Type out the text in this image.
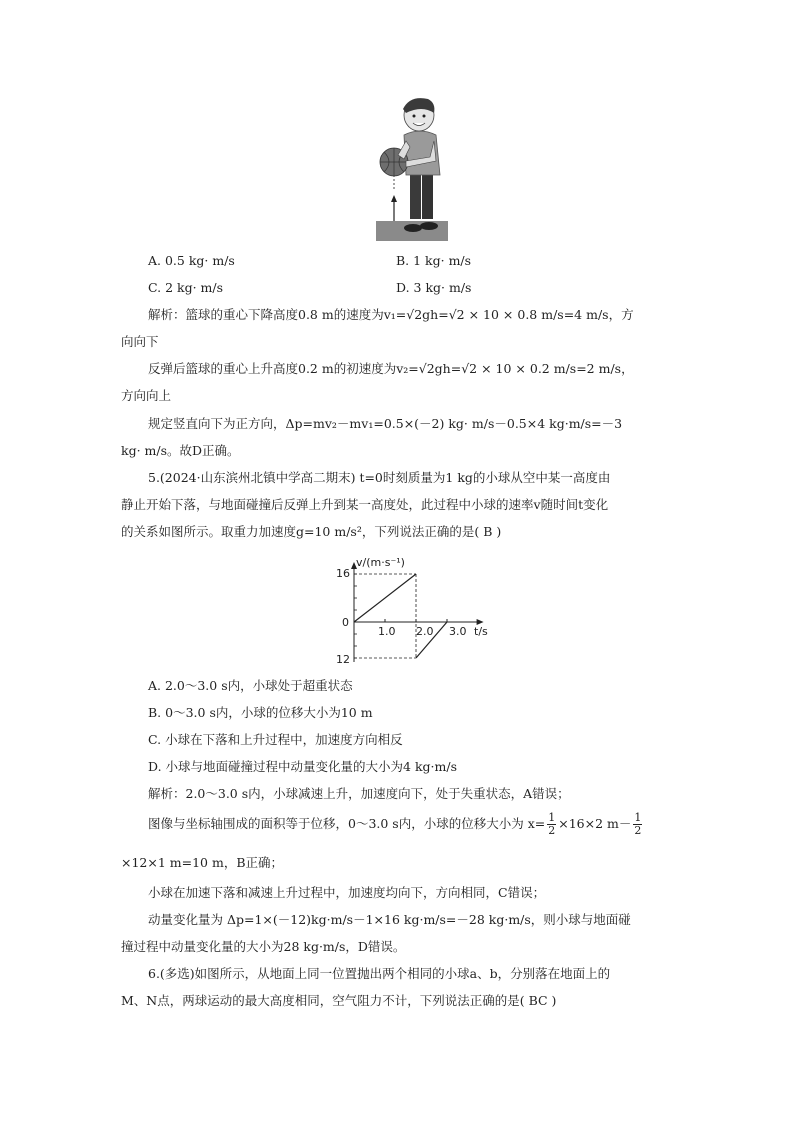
A. 0.5 kg· m/s	B. 1 kg· m/s
C. 2 kg· m/s	D. 3 kg· m/s
解析：篮球的重心下降高度0.8 m的速度为v₁=√2gh=√2 × 10 × 0.8 m/s=4 m/s，方
向向下
反弹后篮球的重心上升高度0.2 m的初速度为v₂=√2gh=√2 × 10 × 0.2 m/s=2 m/s，
方向向上
规定竖直向下为正方向，Δp=mv₂－mv₁=0.5×(－2) kg· m/s－0.5×4 kg·m/s=－3
kg· m/s。故D正确。
5.(2024·山东滨州北镇中学高二期末) t=0时刻质量为1 kg的小球从空中某一高度由
静止开始下落，与地面碰撞后反弹上升到某一高度处，此过程中小球的速率v随时间t变化
的关系如图所示。取重力加速度g=10 m/s²，下列说法正确的是( B )
v/(m·s⁻¹)
t/s
16
0
12
1.0 2.0 3.0
A. 2.0～3.0 s内，小球处于超重状态
B. 0～3.0 s内，小球的位移大小为10 m
C. 小球在下落和上升过程中，加速度方向相反
D. 小球与地面碰撞过程中动量变化量的大小为4 kg·m/s
解析：2.0～3.0 s内，小球减速上升，加速度向下，处于失重状态，A错误；
图像与坐标轴围成的面积等于位移，0～3.0 s内，小球的位移大小为 $x= \frac{1}{2} \times 16\times 2$ $m- \frac{1}{2}$
×12×1 m=10 m，B正确；
小球在加速下落和减速上升过程中，加速度均向下，方向相同，C错误；
动量变化量为 Δp=1×(－12)kg·m/s－1×16 kg·m/s=－28 kg·m/s，则小球与地面碰
撞过程中动量变化量的大小为28 kg·m/s，D错误。
6.(多选)如图所示，从地面上同一位置抛出两个相同的小球a、b，分别落在地面上的
M、N点，两球运动的最大高度相同，空气阻力不计，下列说法正确的是( BC )
